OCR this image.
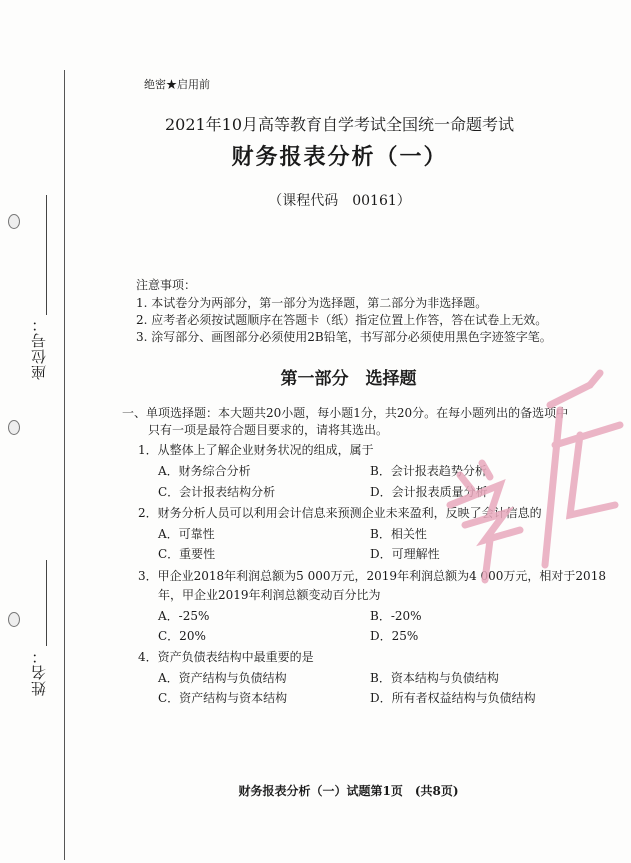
座位号：
姓名：
绝密★启用前
2021年10月高等教育自学考试全国统一命题考试
财务报表分析（一）
（课程代码　00161）
注意事项：
1. 本试卷分为两部分，第一部分为选择题，第二部分为非选择题。
2. 应考者必须按试题顺序在答题卡（纸）指定位置上作答，答在试卷上无效。
3. 涂写部分、画图部分必须使用2B铅笔，书写部分必须使用黑色字迹签字笔。
第一部分　选择题
一、单项选择题：本大题共20小题，每小题1分，共20分。在每小题列出的备选项中
只有一项是最符合题目要求的，请将其选出。
1．从整体上了解企业财务状况的组成，属于
A．财务综合分析	B．会计报表趋势分析
C．会计报表结构分析	D．会计报表质量分析
2．财务分析人员可以利用会计信息来预测企业未来盈利，反映了会计信息的
A．可靠性	B．相关性
C．重要性	D．可理解性
3．甲企业2018年利润总额为5 000万元，2019年利润总额为4 000万元，相对于2018
年，甲企业2019年利润总额变动百分比为
A．-25%	B．-20%
C．20%	D．25%
4．资产负债表结构中最重要的是
A．资产结构与负债结构	B．资本结构与负债结构
C．资产结构与资本结构	D．所有者权益结构与负债结构
财务报表分析（一）试题第1页　(共8页)
